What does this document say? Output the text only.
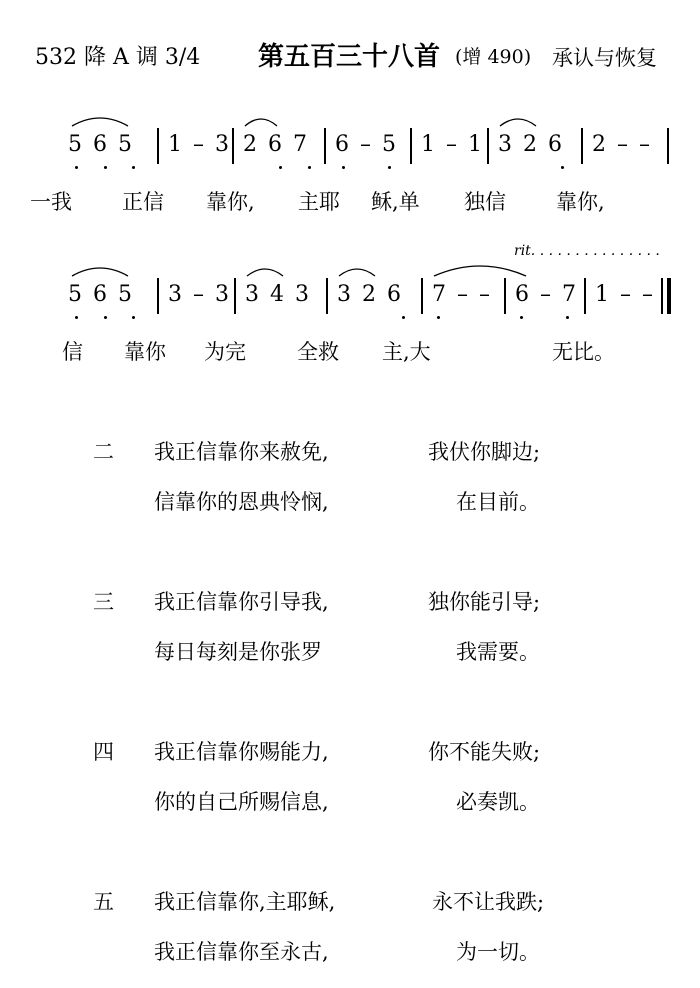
532 降 A 调 3/4 第五百三十八首 (增 490) 承认与恢复
5 6 5 1 – 3 2 6 7 6 – 5 1 – 1 3 2 6 2 – –
一我 正信 靠你, 主耶 稣,单 独信 靠你,
rit. . . . . . . . . . . . . . .
5 6 5 3 – 3 3 4 3 3 2 6 7 – – 6 – 7 1 – –
信 靠你 为完 全救 主,大	无比。
二 我正信靠你来赦免,	我伏你脚边;
信靠你的恩典怜悯,	在目前。
三 我正信靠你引导我,	独你能引导;
每日每刻是你张罗	我需要。
四 我正信靠你赐能力,	你不能失败;
你的自己所赐信息,	必奏凯。
五 我正信靠你,主耶稣,	永不让我跌;
我正信靠你至永古,	为一切。
